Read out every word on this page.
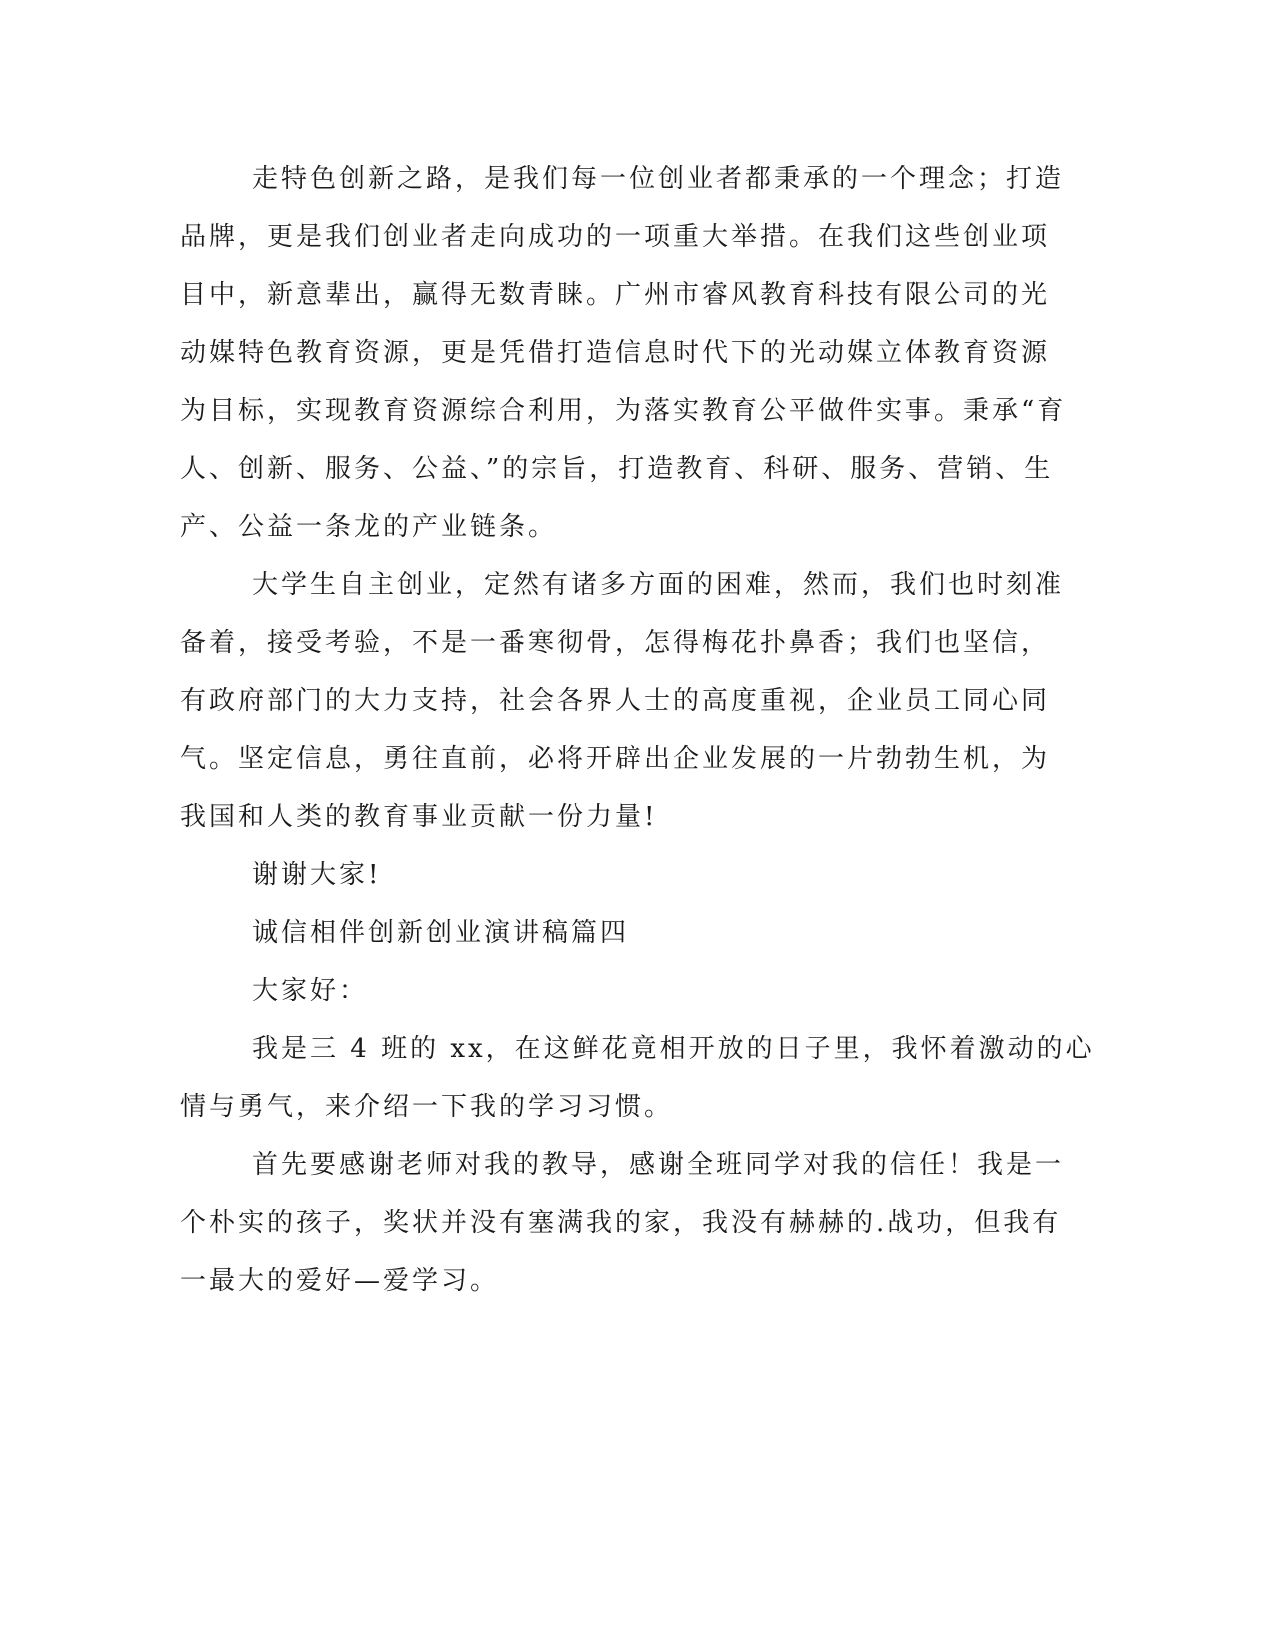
走特色创新之路，是我们每一位创业者都秉承的一个理念；打造
品牌，更是我们创业者走向成功的一项重大举措。在我们这些创业项
目中，新意辈出，赢得无数青睐。广州市睿风教育科技有限公司的光
动媒特色教育资源，更是凭借打造信息时代下的光动媒立体教育资源
为目标，实现教育资源综合利用，为落实教育公平做件实事。秉承“育
人、创新、服务、公益、”的宗旨，打造教育、科研、服务、营销、生
产、公益一条龙的产业链条。

大学生自主创业，定然有诸多方面的困难，然而，我们也时刻准
备着，接受考验，不是一番寒彻骨，怎得梅花扑鼻香；我们也坚信，
有政府部门的大力支持，社会各界人士的高度重视，企业员工同心同
气。坚定信息，勇往直前，必将开辟出企业发展的一片勃勃生机，为
我国和人类的教育事业贡献一份力量!

谢谢大家!

诚信相伴创新创业演讲稿篇四

大家好：

我是三 4 班的 xx，在这鲜花竟相开放的日子里，我怀着激动的心
情与勇气，来介绍一下我的学习习惯。

首先要感谢老师对我的教导，感谢全班同学对我的信任！我是一
个朴实的孩子，奖状并没有塞满我的家，我没有赫赫的.战功，但我有
一最大的爱好—爱学习。
